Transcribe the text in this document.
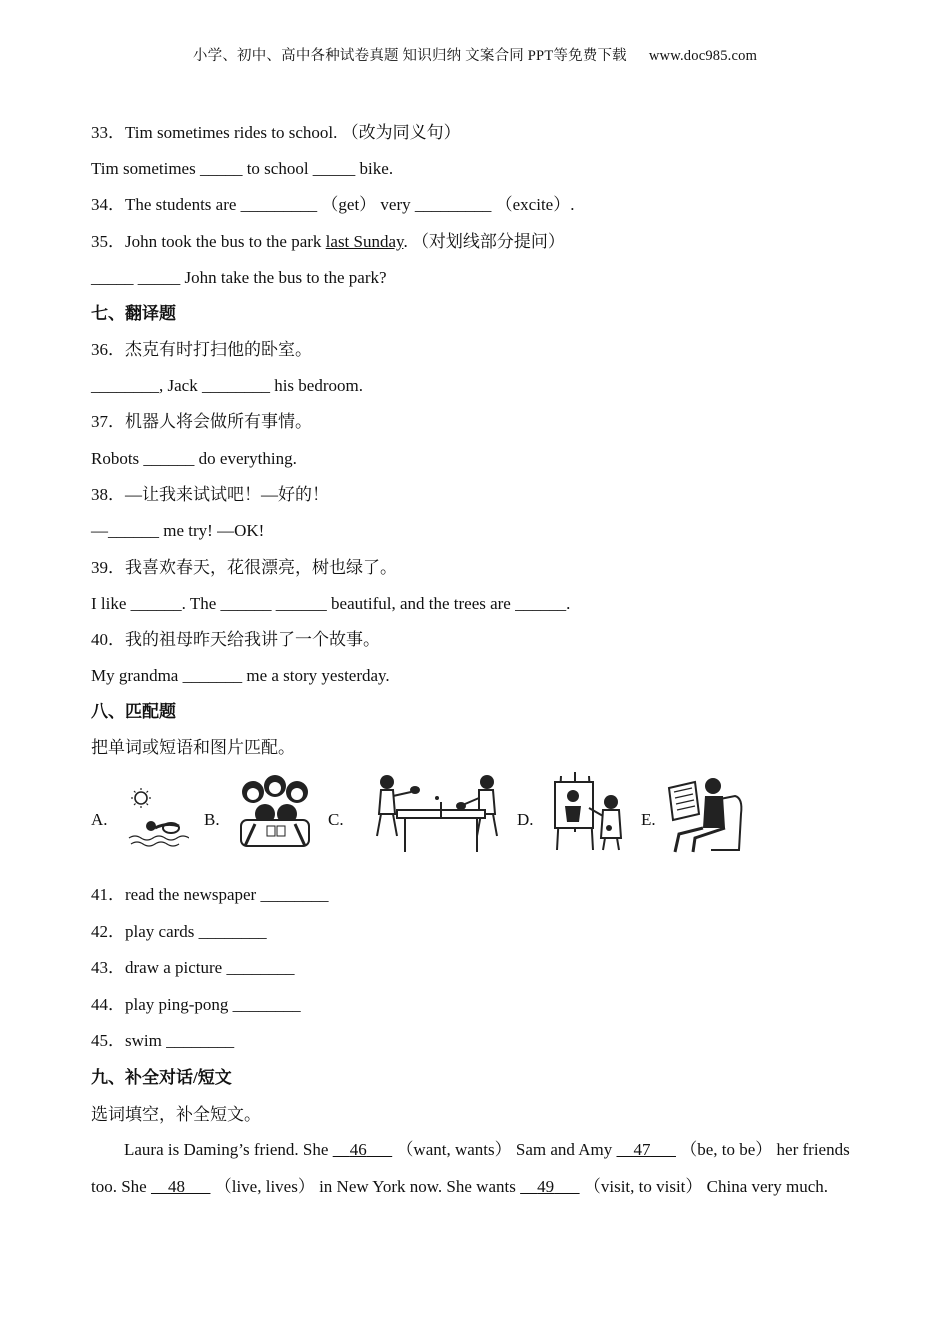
小学、初中、高中各种试卷真题 知识归纳 文案合同 PPT等免费下载 www.doc985.com
33．Tim sometimes rides to school. （改为同义句）
Tim sometimes _____ to school _____ bike.
34．The students are _________ （get） very _________ （excite）.
35．John took the bus to the park last Sunday. （对划线部分提问）
_____ _____ John take the bus to the park?
七、翻译题
36．杰克有时打扫他的卧室。
________, Jack ________ his bedroom.
37．机器人将会做所有事情。
Robots ______ do everything.
38．—让我来试试吧！—好的！
—______ me try! —OK!
39．我喜欢春天，花很漂亮，树也绿了。
I like ______. The ______ ______ beautiful, and the trees are ______.
40．我的祖母昨天给我讲了一个故事。
My grandma _______ me a story yesterday.
八、匹配题
把单词或短语和图片匹配。
A.	B.	C.	D.	E.
41．read the newspaper ________
42．play cards ________
43．draw a picture ________
44．play ping-pong ________
45．swim ________
九、补全对话/短文
选词填空，补全短文。
Laura is Daming’s friend. She     46       （want, wants） Sam and Amy     47       （be, to be） her friends too. She     48       （live, lives） in New York now. She wants     49       （visit, to visit） China very much.
